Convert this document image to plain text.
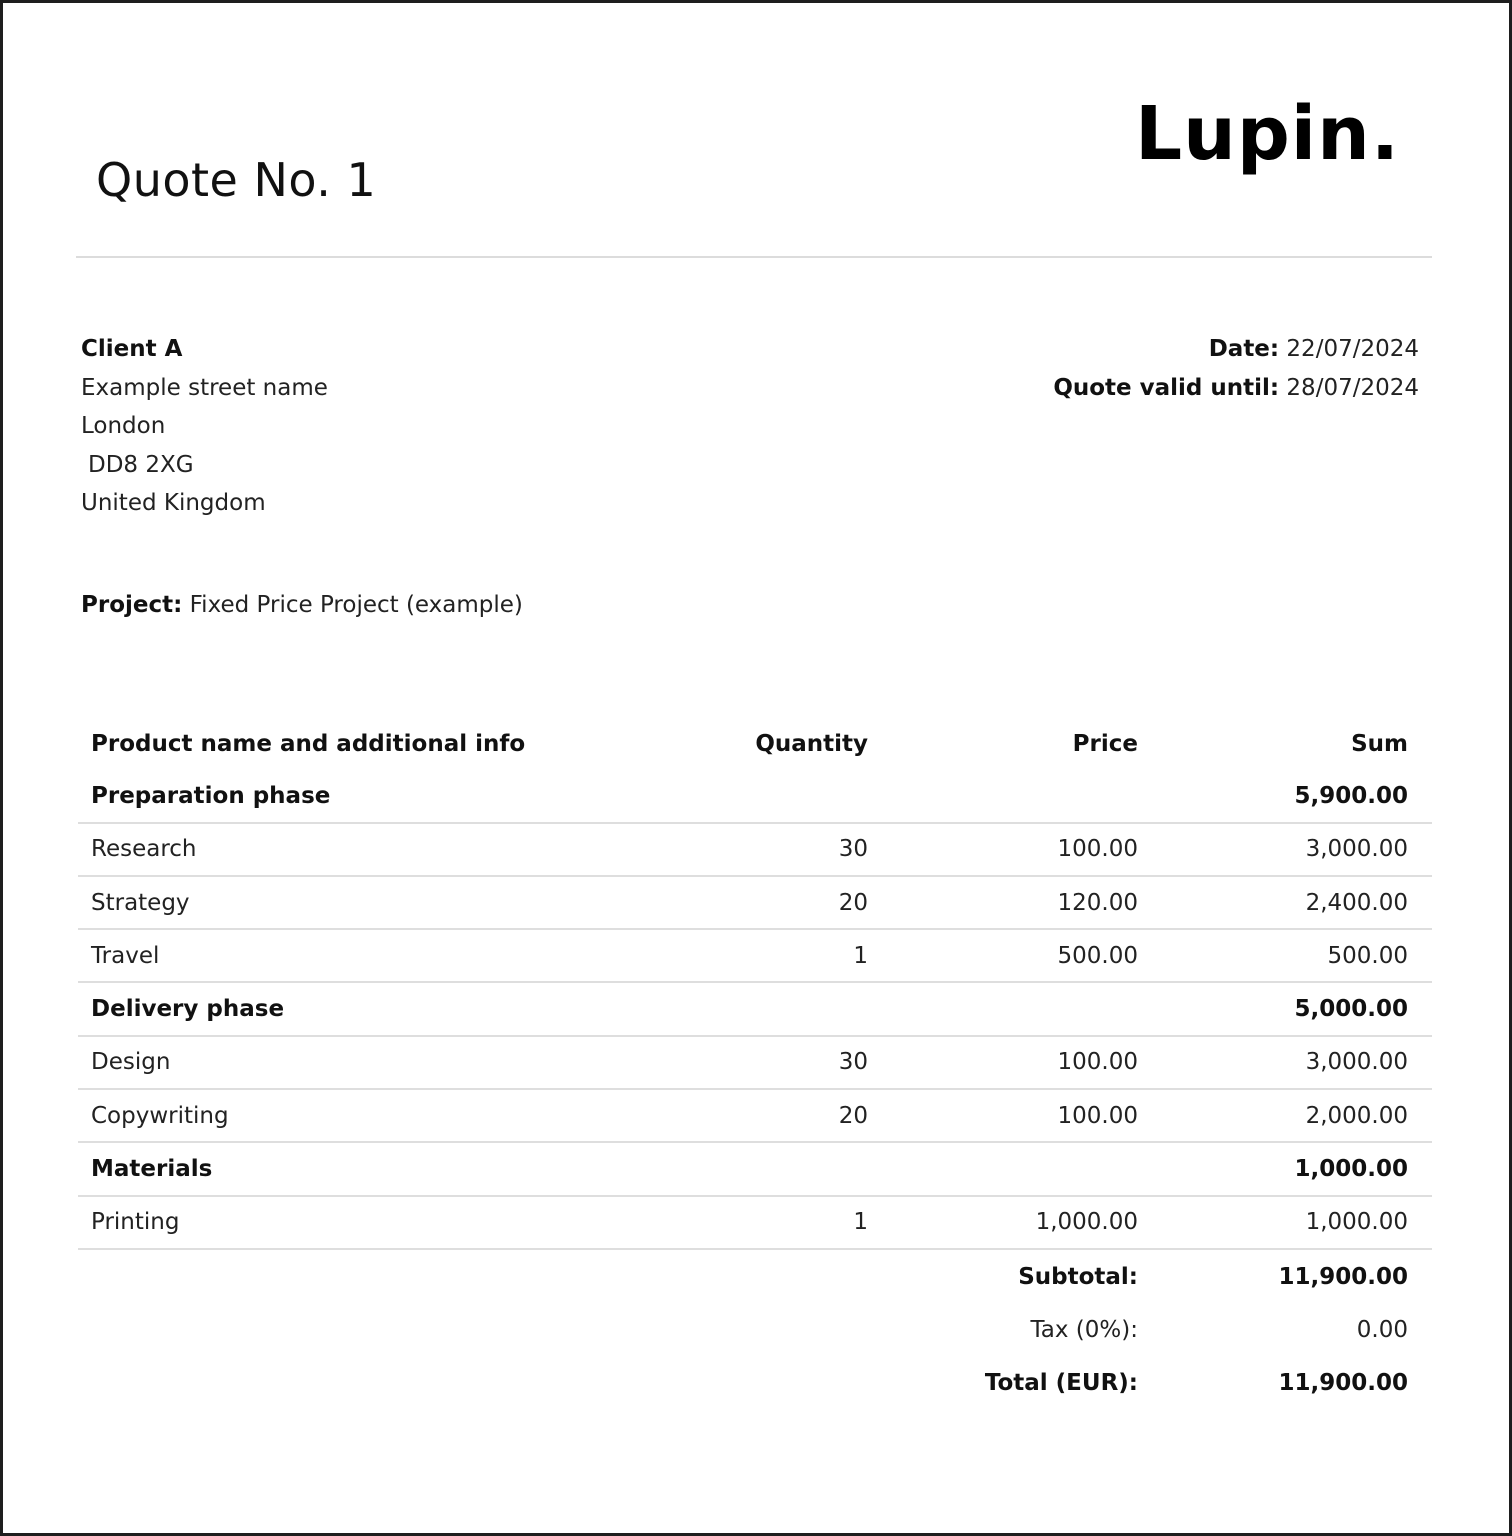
Quote No. 1
Lupin.
Client A
Example street name
London
DD8 2XG
United Kingdom
Date: 22/07/2024
Quote valid until: 28/07/2024
Project: Fixed Price Project (example)
Product name and additional info	Quantity	Price	Sum
Preparation phase	5,900.00
Research	30	100.00	3,000.00
Strategy	20	120.00	2,400.00
Travel	1	500.00	500.00
Delivery phase	5,000.00
Design	30	100.00	3,000.00
Copywriting	20	100.00	2,000.00
Materials	1,000.00
Printing	1	1,000.00	1,000.00
Subtotal:	11,900.00
Tax (0%):	0.00
Total (EUR):	11,900.00
